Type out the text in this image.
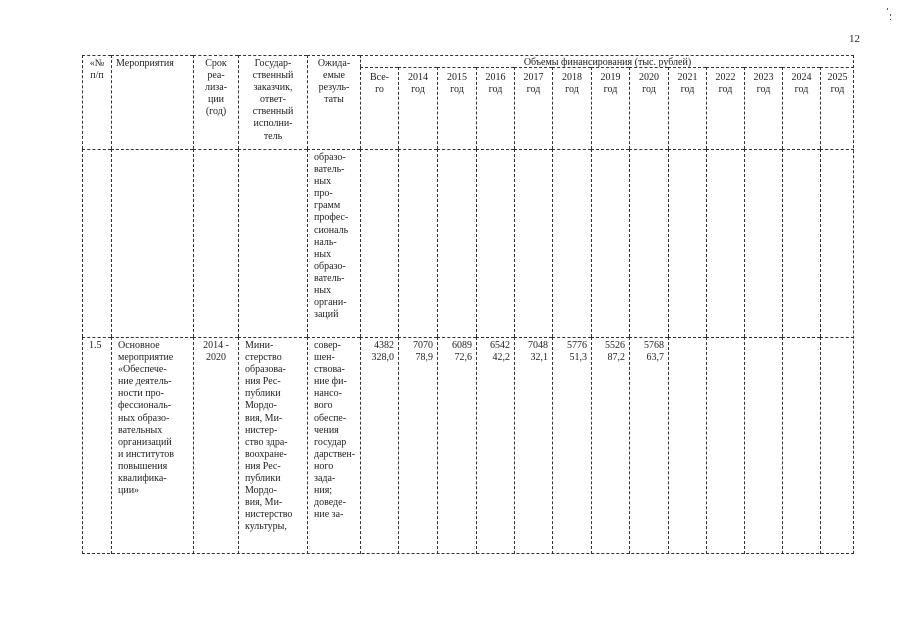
12
«№
п/п
Мероприятия	Срок
реа-
лиза-
ции
(год)
Государ-
ственный
заказчик,
ответ-
ственный
исполни-
тель
Ожида-
емые
резуль-
таты
Объемы финансирования (тыс. рублей)
Все-
го
2014
год
2015
год
2016
год
2017
год
2018
год
2019
год
2020
год
2021
год
2022
год
2023
год
2024
год
2025
год
образо-
ватель-
ных
про-
грамм
профес-
сиональ
наль-
ных
образо-
ватель-
ных
органи-
заций
1.5	Основное
мероприятие
«Обеспече-
ние деятель-
ности про-
фессиональ-
ных образо-
вательных
организаций
и институтов
повышения
квалифика-
ции»
2014 -
2020
Мини-
стерство
образова-
ния Рес-
публики
Мордо-
вия, Ми-
нистер-
ство здра-
воохране-
ния Рес-
публики
Мордо-
вия, Ми-
нистерство
культуры,
совер-
шен-
ствова-
ние фи-
нансо-
вого
обеспе-
чения
государ
дарствен-
ного
зада-
ния;
доведе-
ние за-
4382
328,0
7070
78,9
6089
72,6
6542
42,2
7048
32,1
5776
51,3
5526
87,2
5768
63,7
